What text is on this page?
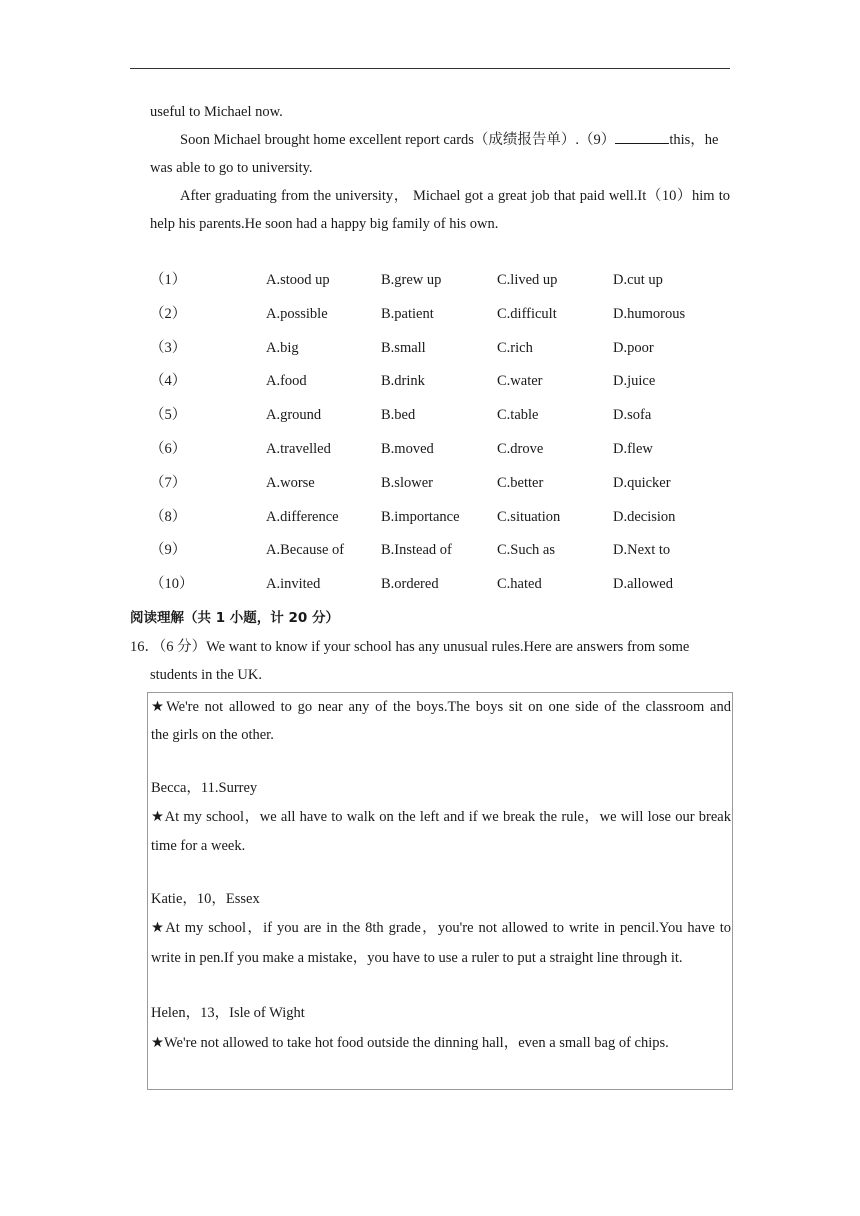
useful to Michael now.
Soon Michael brought home excellent report cards（成绩报告单）.（9）	this，he was able to go to university.
After graduating from the university， Michael got a great job that paid well.It（10）him to help his parents.He soon had a happy big family of his own.
（1）	A.stood up	B.grew up	C.lived up	D.cut up
（2）	A.possible	B.patient	C.difficult	D.humorous
（3）	A.big	B.small	C.rich	D.poor
（4）	A.food	B.drink	C.water	D.juice
（5）	A.ground	B.bed	C.table	D.sofa
（6）	A.travelled	B.moved	C.drove	D.flew
（7）	A.worse	B.slower	C.better	D.quicker
（8）	A.difference	B.importance	C.situation	D.decision
（9）	A.Because of	B.Instead of	C.Such as	D.Next to
（10）	A.invited	B.ordered	C.hated	D.allowed
阅读理解（共 1 小题，计 20 分）
16．（6 分）We want to know if your school has any unusual rules.Here are answers from some
students in the UK.
★We're not allowed to go near any of the boys.The boys sit on one side of the classroom and
the girls on the other.
Becca，11.Surrey
★At my school，we all have to walk on the left and if we break the rule，we will lose our break
time for a week.
Katie，10，Essex
★At my school，if you are in the 8th grade，you're not allowed to write in pencil.You have to
write in pen.If you make a mistake，you have to use a ruler to put a straight line through it.
Helen，13，Isle of Wight
★We're not allowed to take hot food outside the dinning hall，even a small bag of chips.
